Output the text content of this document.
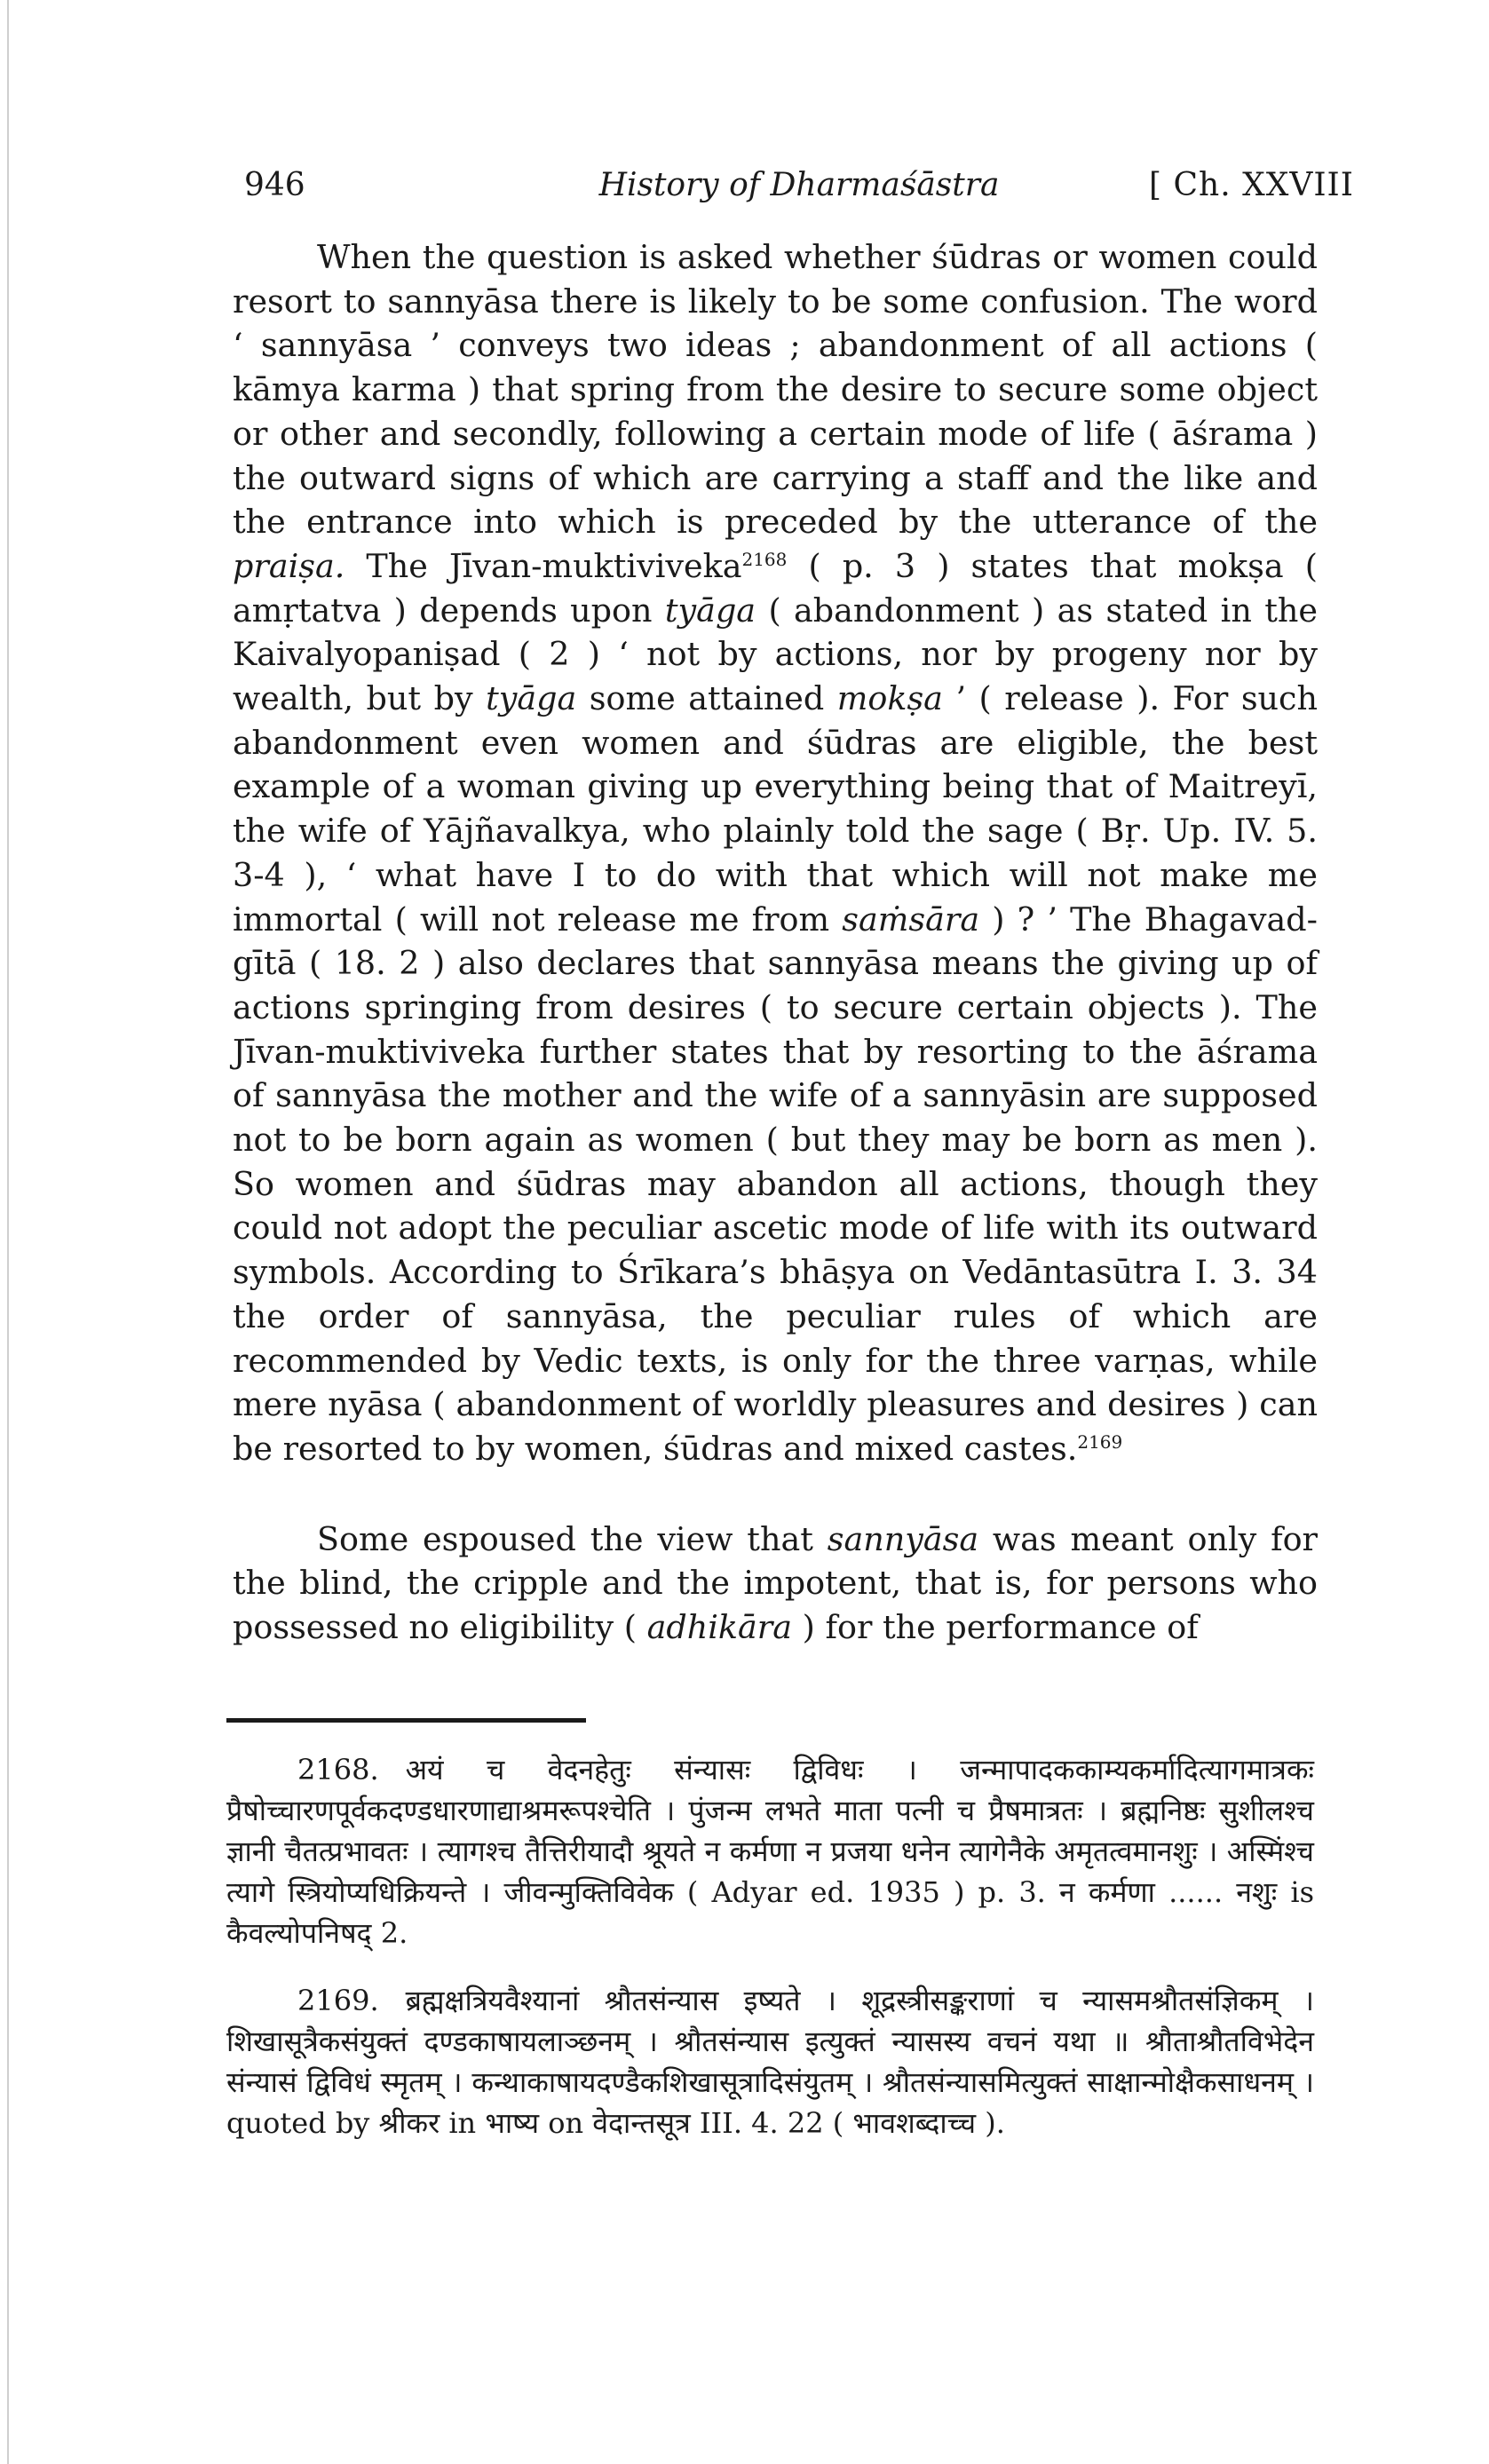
946	History of Dharmaśāstra	[ Ch. XXVIII

When the question is asked whether śūdras or women could resort to sannyāsa there is likely to be some confusion. The word ‘ sannyāsa ’ conveys two ideas ; abandonment of all actions ( kāmya karma ) that spring from the desire to secure some object or other and secondly, following a certain mode of life ( āśrama ) the outward signs of which are carrying a staff and the like and the entrance into which is preceded by the utterance of the praiṣa. The Jīvan-muktiviveka$^{2168}$ ( p. 3 ) states that mokṣa ( amṛtatva ) depends upon tyāga ( abandonment ) as stated in the Kaivalyopaniṣad ( 2 ) ‘ not by actions, nor by progeny nor by wealth, but by tyāga some attained mokṣa ’ ( release ). For such abandonment even women and śūdras are eligible, the best example of a woman giving up everything being that of Maitreyī, the wife of Yājñavalkya, who plainly told the sage ( Bṛ. Up. IV. 5. 3-4 ), ‘ what have I to do with that which will not make me immortal ( will not release me from saṁsāra ) ? ’ The Bhagavad-gītā ( 18. 2 ) also declares that sannyāsa means the giving up of actions springing from desires ( to secure certain objects ). The Jīvan-muktiviveka further states that by resorting to the āśrama of sannyāsa the mother and the wife of a sannyāsin are supposed not to be born again as women ( but they may be born as men ). So women and śūdras may abandon all actions, though they could not adopt the peculiar ascetic mode of life with its outward symbols. According to Śrīkara’s bhāṣya on Vedāntasūtra I. 3. 34 the order of sannyāsa, the peculiar rules of which are recommended by Vedic texts, is only for the three varṇas, while mere nyāsa ( abandonment of worldly pleasures and desires ) can be resorted to by women, śūdras and mixed castes.$^{2169}$

Some espoused the view that sannyāsa was meant only for the blind, the cripple and the impotent, that is, for persons who possessed no eligibility ( adhikāra ) for the performance of

2168. अयं च वेदनहेतुः संन्यासः द्विविधः । जन्मापादककाम्यकर्मादित्यागमात्रकः प्रैषोच्चारणपूर्वकदण्डधारणाद्याश्रमरूपश्चेति । पुंजन्म लभते माता पत्नी च प्रैषमात्रतः । ब्रह्मनिष्ठः सुशीलश्च ज्ञानी चैतत्प्रभावतः । त्यागश्च तैत्तिरीयादौ श्रूयते न कर्मणा न प्रजया धनेन त्यागेनैके अमृतत्वमानशुः । अस्मिंश्च त्यागे स्त्रियोप्यधिक्रियन्ते । जीवन्मुक्तिविवेक ( Adyar ed. 1935 ) p. 3. न कर्मणा ...... नशुः is कैवल्योपनिषद् 2.

2169. ब्रह्मक्षत्रियवैश्यानां श्रौतसंन्यास इष्यते । शूद्रस्त्रीसङ्कराणां च न्यासमश्रौतसंज्ञिकम् । शिखासूत्रैकसंयुक्तं दण्डकाषायलाञ्छनम् । श्रौतसंन्यास इत्युक्तं न्यासस्य वचनं यथा ॥ श्रौताश्रौतविभेदेन संन्यासं द्विविधं स्मृतम् । कन्थाकाषायदण्डैकशिखासूत्रादिसंयुतम् । श्रौतसंन्यासमित्युक्तं साक्षान्मोक्षैकसाधनम् । quoted by श्रीकर in भाष्य on वेदान्तसूत्र III. 4. 22 ( भावशब्दाच्च ).
